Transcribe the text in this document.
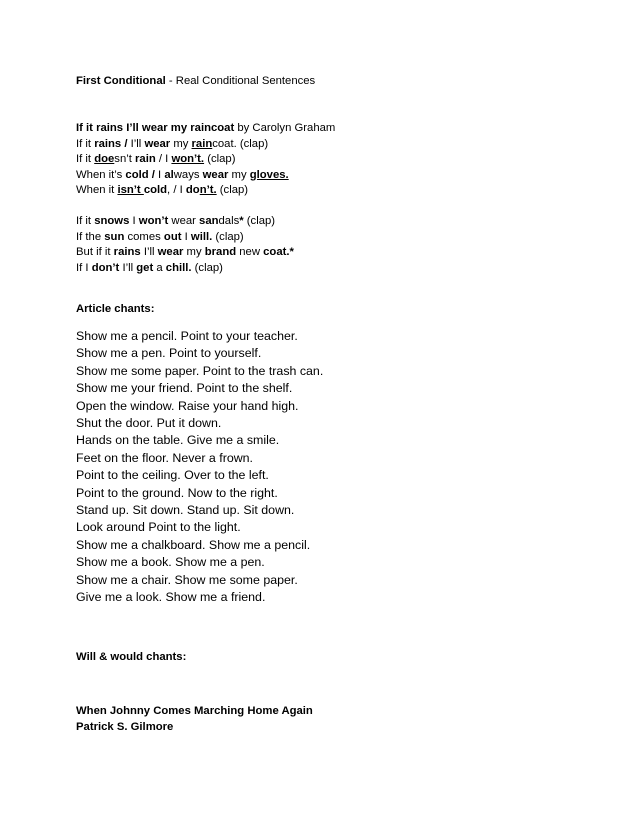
First Conditional - Real Conditional Sentences
If it rains I’ll wear my raincoat by Carolyn Graham
If it rains / I’ll wear my raincoat. (clap)
If it doesn’t rain / I won’t. (clap)
When it’s cold / I always wear my gloves.
When it isn’t cold, / I don’t. (clap)
If it snows I won’t wear sandals* (clap)
If the sun comes out I will. (clap)
But if it rains I’ll wear my brand new coat.*
If I don’t I’ll get a chill. (clap)
Article chants:
Show me a pencil. Point to your teacher.
Show me a pen. Point to yourself.
Show me some paper. Point to the trash can.
Show me your friend. Point to the shelf.
Open the window. Raise your hand high.
Shut the door. Put it down.
Hands on the table. Give me a smile.
Feet on the floor. Never a frown.
Point to the ceiling. Over to the left.
Point to the ground. Now to the right.
Stand up. Sit down. Stand up. Sit down.
Look around Point to the light.
Show me a chalkboard. Show me a pencil.
Show me a book. Show me a pen.
Show me a chair. Show me some paper.
Give me a look. Show me a friend.
Will & would chants:
When Johnny Comes Marching Home Again
Patrick S. Gilmore
